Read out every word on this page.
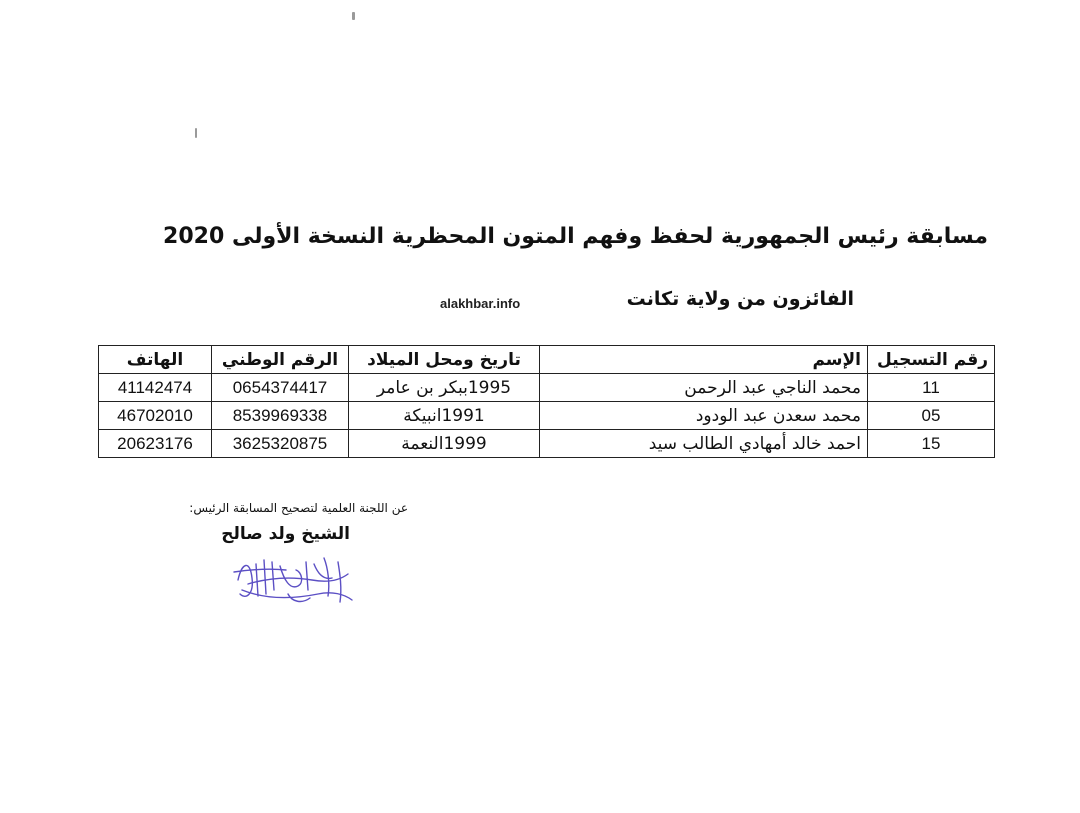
مسابقة رئيس الجمهورية لحفظ وفهم المتون المحظرية النسخة الأولى 2020
الفائزون من ولاية تكانت
alakhbar.info
رقم التسجيل	الإسم	تاريخ ومحل الميلاد	الرقم الوطني	الهاتف
11	محمد الناجي عبد الرحمن	1995ببكر بن عامر	0654374417	41142474
05	محمد سعدن عبد الودود	1991انبيكة	8539969338	46702010
15	احمد خالد أمهادي الطالب سيد	1999النعمة	3625320875	20623176
عن اللجنة العلمية لتصحيح المسابقة الرئيس:
الشيخ ولد صالح
